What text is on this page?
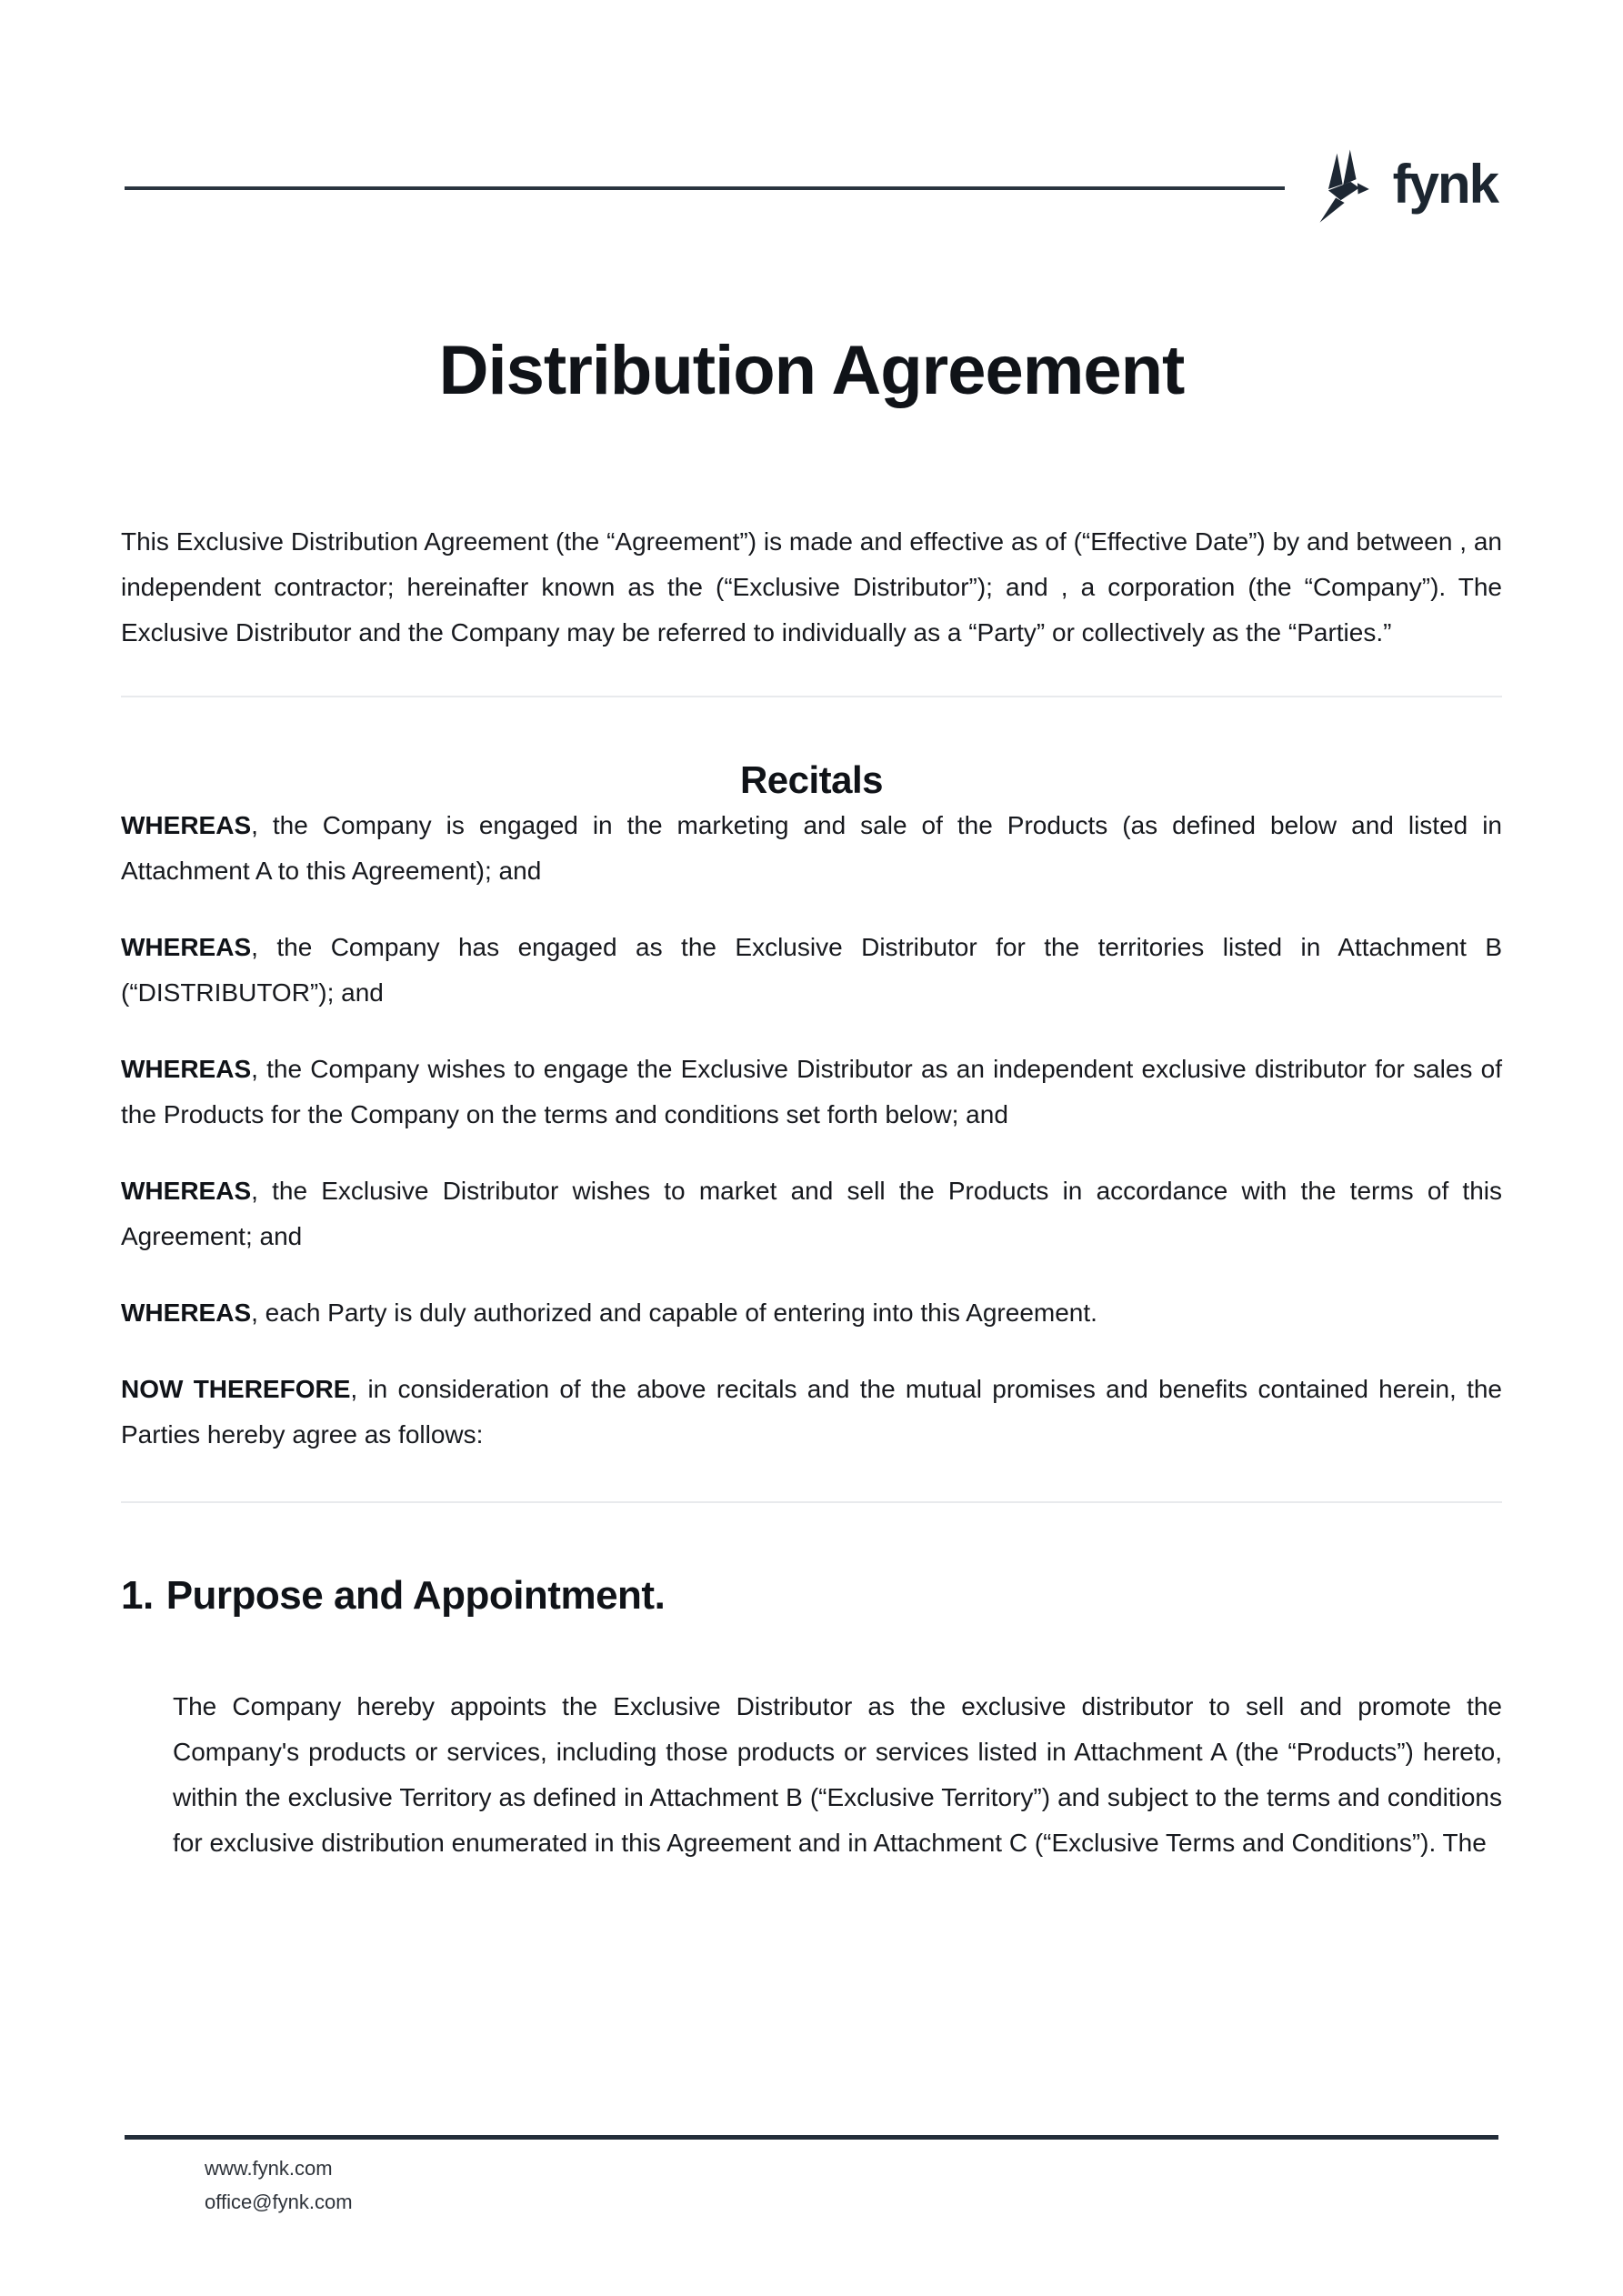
fynk
Distribution Agreement

This Exclusive Distribution Agreement (the “Agreement”) is made and effective as of (“Effective Date”) by and between , an independent contractor; hereinafter known as the (“Exclusive Distributor”); and , a corporation (the “Company”). The Exclusive Distributor and the Company may be referred to individually as a “Party” or collectively as the “Parties.”

Recitals

WHEREAS, the Company is engaged in the marketing and sale of the Products (as defined below and listed in Attachment A to this Agreement); and

WHEREAS, the Company has engaged as the Exclusive Distributor for the territories listed in Attachment B (“DISTRIBUTOR”); and

WHEREAS, the Company wishes to engage the Exclusive Distributor as an independent exclusive distributor for sales of the Products for the Company on the terms and conditions set forth below; and

WHEREAS, the Exclusive Distributor wishes to market and sell the Products in accordance with the terms of this Agreement; and

WHEREAS, each Party is duly authorized and capable of entering into this Agreement.

NOW THEREFORE, in consideration of the above recitals and the mutual promises and benefits contained herein, the Parties hereby agree as follows:

1. Purpose and Appointment.

The Company hereby appoints the Exclusive Distributor as the exclusive distributor to sell and promote the Company's products or services, including those products or services listed in Attachment A (the “Products”) hereto, within the exclusive Territory as defined in Attachment B (“Exclusive Territory”) and subject to the terms and conditions for exclusive distribution enumerated in this Agreement and in Attachment C (“Exclusive Terms and Conditions”). The

www.fynk.com
office@fynk.com
